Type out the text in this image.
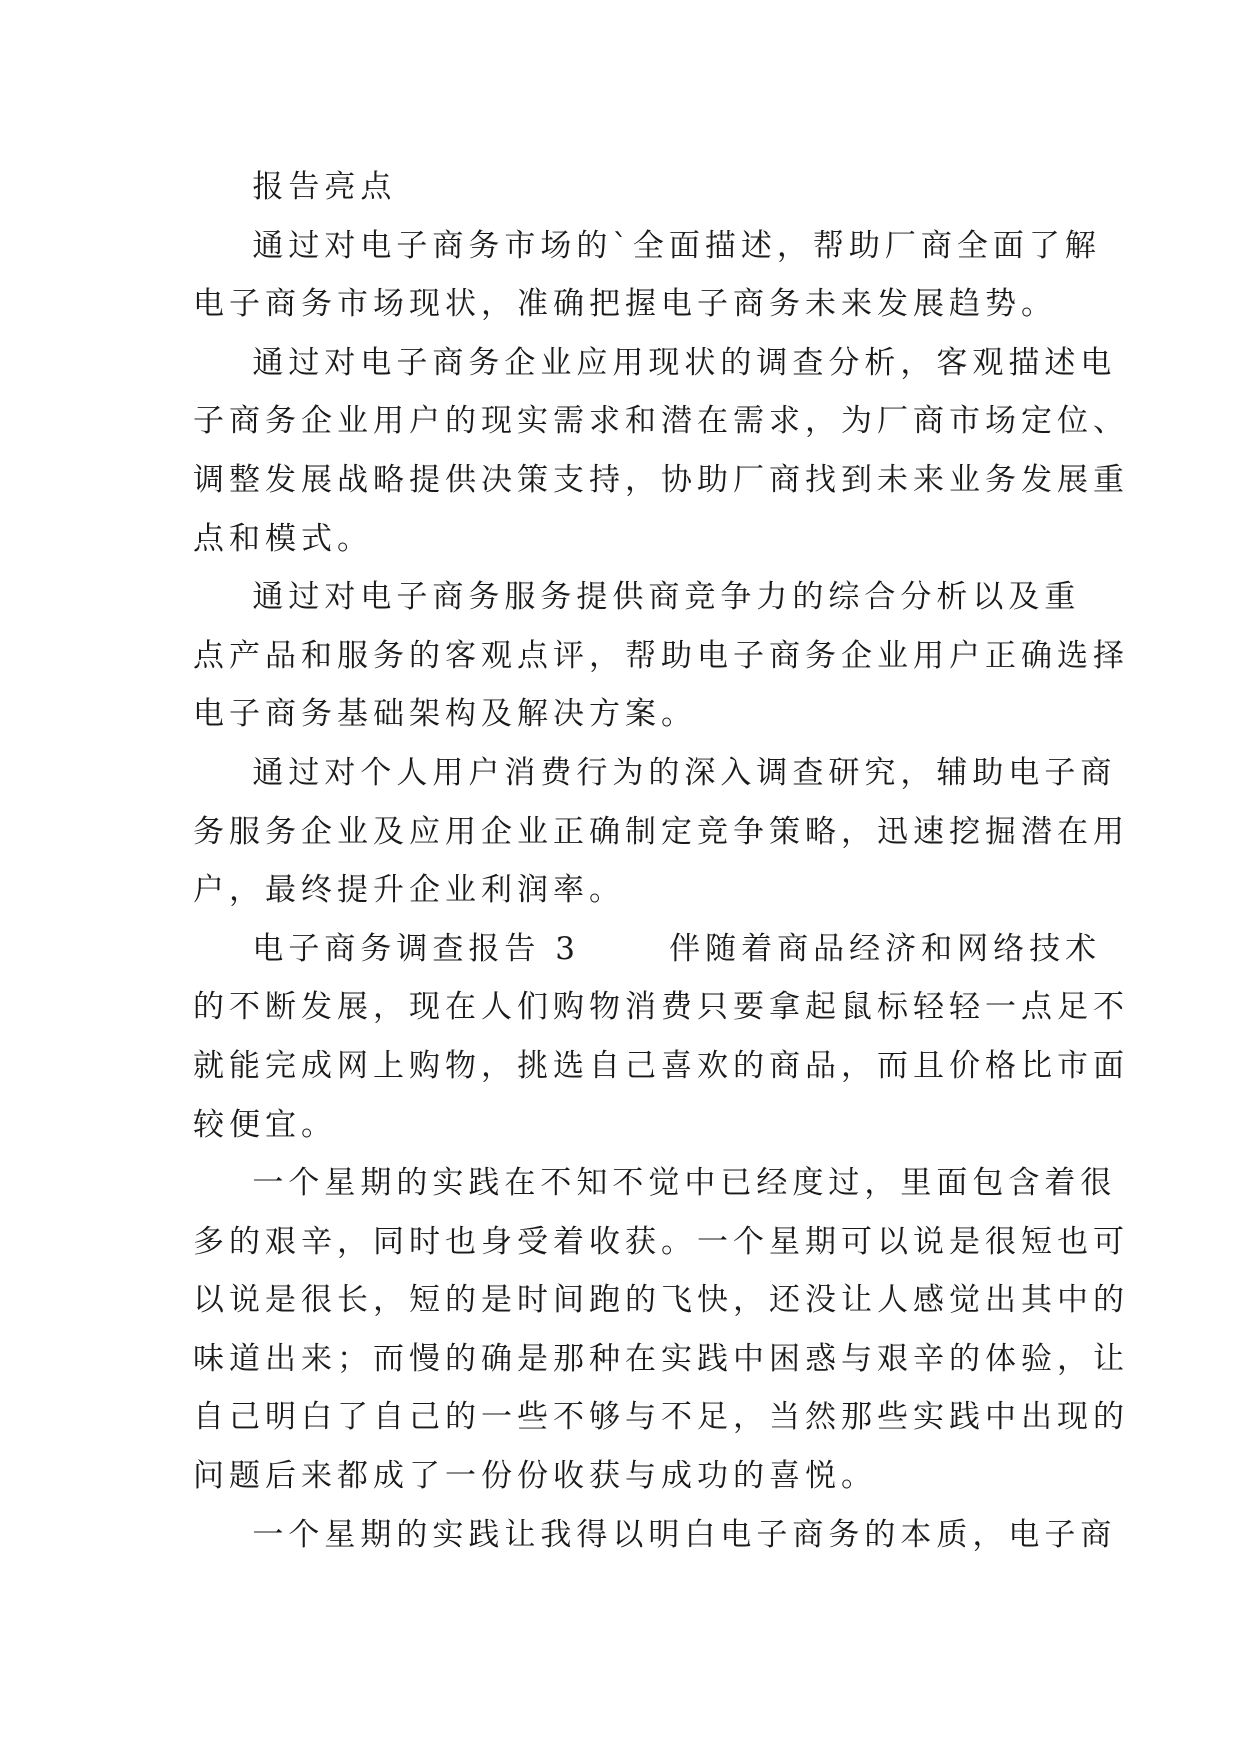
报告亮点
通过对电子商务市场的`全面描述，帮助厂商全面了解
电子商务市场现状，准确把握电子商务未来发展趋势。
通过对电子商务企业应用现状的调查分析，客观描述电
子商务企业用户的现实需求和潜在需求，为厂商市场定位、
调整发展战略提供决策支持，协助厂商找到未来业务发展重
点和模式。
通过对电子商务服务提供商竞争力的综合分析以及重
点产品和服务的客观点评，帮助电子商务企业用户正确选择
电子商务基础架构及解决方案。
通过对个人用户消费行为的深入调查研究，辅助电子商
务服务企业及应用企业正确制定竞争策略，迅速挖掘潜在用
户，最终提升企业利润率。
电子商务调查报告 3      伴随着商品经济和网络技术
的不断发展，现在人们购物消费只要拿起鼠标轻轻一点足不
就能完成网上购物，挑选自己喜欢的商品，而且价格比市面
较便宜。
一个星期的实践在不知不觉中已经度过，里面包含着很
多的艰辛，同时也身受着收获。一个星期可以说是很短也可
以说是很长，短的是时间跑的飞快，还没让人感觉出其中的
味道出来；而慢的确是那种在实践中困惑与艰辛的体验，让
自己明白了自己的一些不够与不足，当然那些实践中出现的
问题后来都成了一份份收获与成功的喜悦。
一个星期的实践让我得以明白电子商务的本质，电子商
